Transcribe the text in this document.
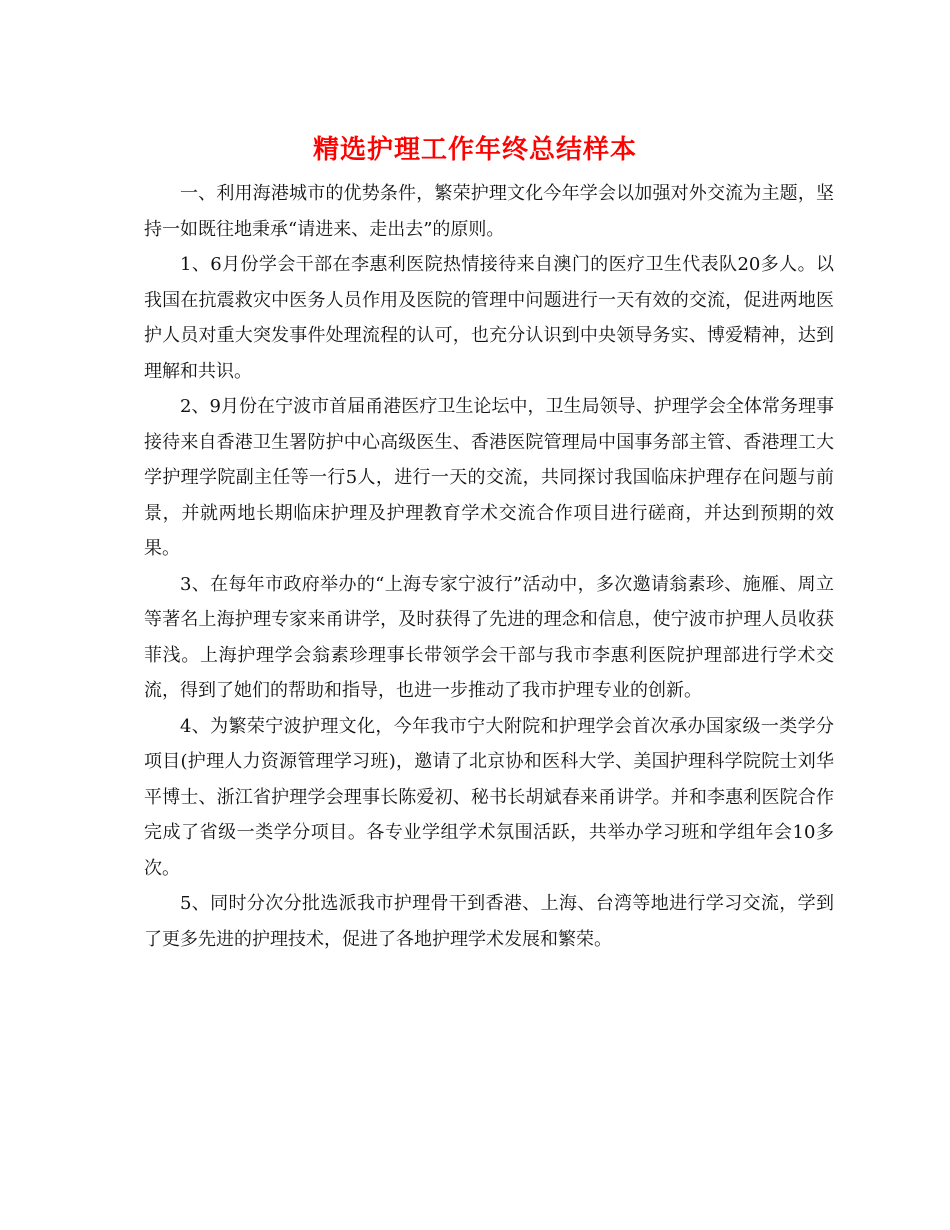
精选护理工作年终总结样本

一、利用海港城市的优势条件，繁荣护理文化今年学会以加强对外交流为主题，坚持一如既往地秉承“请进来、走出去”的原则。

1、6月份学会干部在李惠利医院热情接待来自澳门的医疗卫生代表队20多人。以我国在抗震救灾中医务人员作用及医院的管理中问题进行一天有效的交流，促进两地医护人员对重大突发事件处理流程的认可，也充分认识到中央领导务实、博爱精神，达到理解和共识。

2、9月份在宁波市首届甬港医疗卫生论坛中，卫生局领导、护理学会全体常务理事接待来自香港卫生署防护中心高级医生、香港医院管理局中国事务部主管、香港理工大学护理学院副主任等一行5人，进行一天的交流，共同探讨我国临床护理存在问题与前景，并就两地长期临床护理及护理教育学术交流合作项目进行磋商，并达到预期的效果。

3、在每年市政府举办的“上海专家宁波行”活动中，多次邀请翁素珍、施雁、周立等著名上海护理专家来甬讲学，及时获得了先进的理念和信息，使宁波市护理人员收获菲浅。上海护理学会翁素珍理事长带领学会干部与我市李惠利医院护理部进行学术交流，得到了她们的帮助和指导，也进一步推动了我市护理专业的创新。

4、为繁荣宁波护理文化，今年我市宁大附院和护理学会首次承办国家级一类学分项目(护理人力资源管理学习班)，邀请了北京协和医科大学、美国护理科学院院士刘华平博士、浙江省护理学会理事长陈爱初、秘书长胡斌春来甬讲学。并和李惠利医院合作完成了省级一类学分项目。各专业学组学术氛围活跃，共举办学习班和学组年会10多次。

5、同时分次分批选派我市护理骨干到香港、上海、台湾等地进行学习交流，学到了更多先进的护理技术，促进了各地护理学术发展和繁荣。
